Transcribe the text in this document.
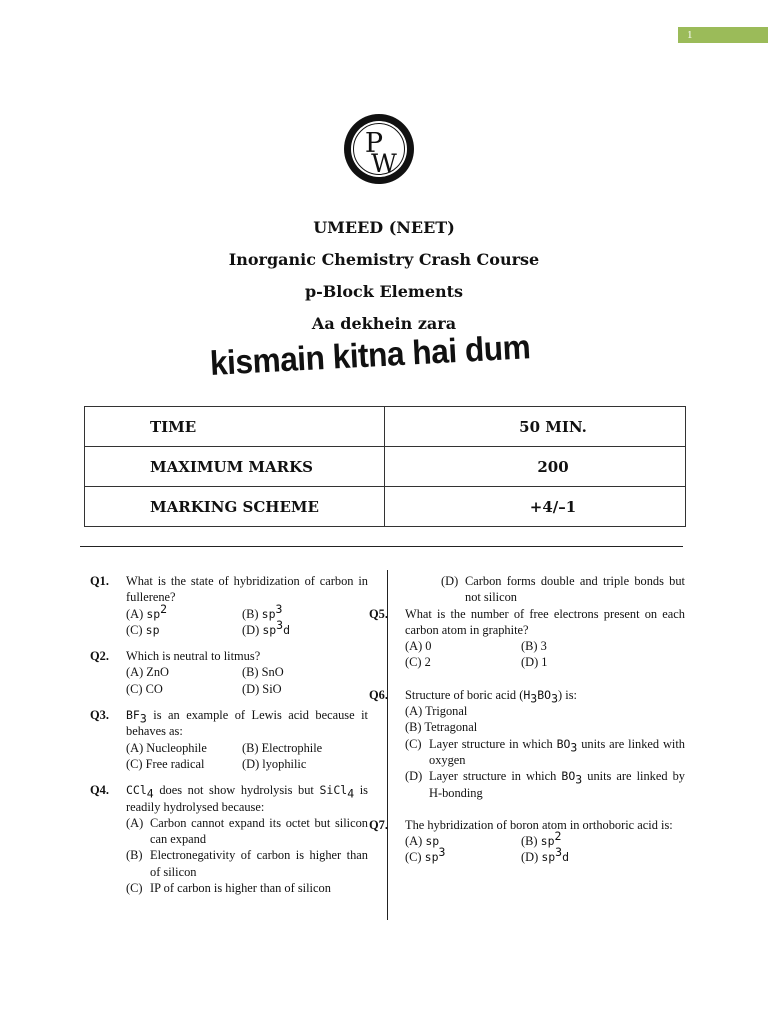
1
P
W
UMEED (NEET)
Inorganic Chemistry Crash Course
p-Block Elements
Aa dekhein zara
kismain kitna hai dum
TIME	50 MIN.
MAXIMUM MARKS	200
MARKING SCHEME	+4/–1
Q1. What is the state of hybridization of carbon in fullerene?
(A) $sp^2$	(B) $sp^3$
(C) sp	(D) $sp^3d$
Q2. Which is neutral to litmus?
(A) ZnO	(B) SnO
(C) CO	(D) SiO
Q3. $BF_3$ is an example of Lewis acid because it behaves as:
(A) Nucleophile	(B) Electrophile
(C) Free radical	(D) lyophilic
Q4. CCl$_4$ does not show hydrolysis but SiCl$_4$ is readily hydrolysed because:
(A) Carbon cannot expand its octet but silicon can expand
(B) Electronegativity of carbon is higher than of silicon
(C) IP of carbon is higher than of silicon
(D) Carbon forms double and triple bonds but not silicon
Q5. What is the number of free electrons present on each carbon atom in graphite?
(A) 0	(B) 3
(C) 2	(D) 1
Q6. Structure of boric acid $(H_3BO_3)$ is:
(A) Trigonal
(B) Tetragonal
(C) Layer structure in which $BO_3$ units are linked with oxygen
(D) Layer structure in which $BO_3$ units are linked by H-bonding
Q7. The hybridization of boron atom in orthoboric acid is:
(A) sp	(B) $sp^2$
(C) $sp^3$	(D) $sp^3d$
